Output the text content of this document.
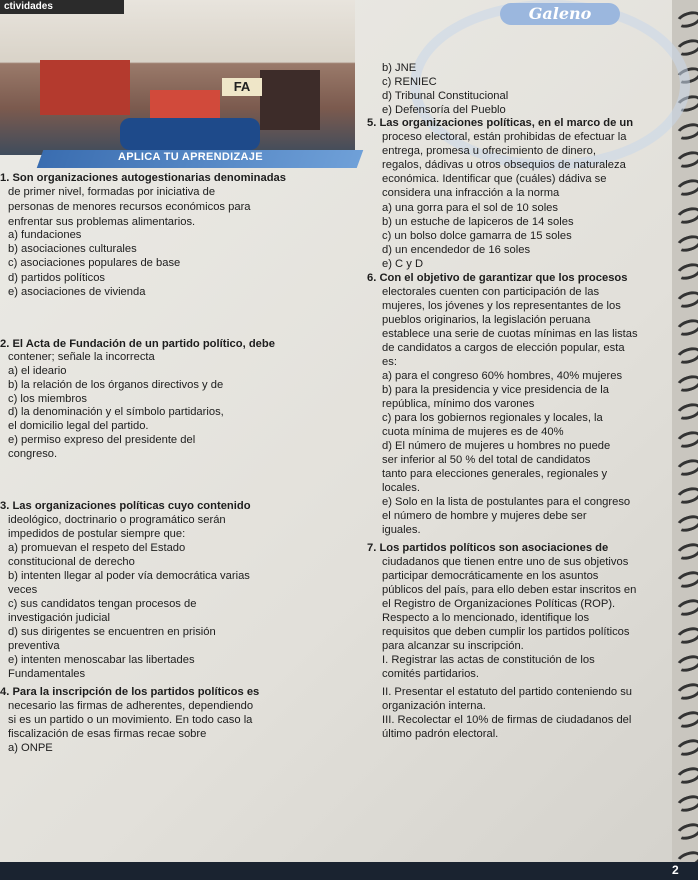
Galeno
FA
ctividades
APLICA TU APRENDIZAJE
1. Son organizaciones autogestionarias denominadas
de primer nivel, formadas por iniciativa de
personas de menores recursos económicos para
enfrentar sus problemas alimentarios.
a) fundaciones
b) asociaciones culturales
c) asociaciones populares de base
d) partidos políticos
e) asociaciones de vivienda
2. El Acta de Fundación de un partido político, debe
contener; señale la incorrecta
a) el ideario
b) la relación de los órganos directivos y de
c) los miembros
d) la denominación y el símbolo partidarios,
el domicilio legal del partido.
e) permiso expreso del presidente del
congreso.
3. Las organizaciones políticas cuyo contenido
ideológico, doctrinario o programático serán
impedidos de postular siempre que:
a) promuevan el respeto del Estado
constitucional de derecho
b) intenten llegar al poder vía democrática varias
veces
c) sus candidatos tengan procesos de
investigación judicial
d) sus dirigentes se encuentren en prisión
preventiva
e) intenten menoscabar las libertades
Fundamentales
4. Para la inscripción de los partidos políticos es
necesario las firmas de adherentes, dependiendo
si es un partido o un movimiento. En todo caso la
fiscalización de esas firmas recae sobre
a) ONPE
b) JNE
c) RENIEC
d) Tribunal Constitucional
e) Defensoría del Pueblo
5. Las organizaciones políticas, en el marco de un
proceso electoral, están prohibidas de efectuar la
entrega, promesa u ofrecimiento de dinero,
regalos, dádivas u otros obsequios de naturaleza
económica. Identificar que (cuáles) dádiva se
considera una infracción a la norma
a) una gorra para el sol de 10 soles
b) un estuche de lapiceros de 14 soles
c) un bolso dolce gamarra de 15 soles
d) un encendedor de 16 soles
e) C y D
6. Con el objetivo de garantizar que los procesos
electorales cuenten con participación de las
mujeres, los jóvenes y los representantes de los
pueblos originarios, la legislación peruana
establece una serie de cuotas mínimas en las listas
de candidatos a cargos de elección popular, esta
es:
a) para el congreso 60% hombres, 40% mujeres
b) para la presidencia y vice presidencia de la
república, mínimo dos varones
c) para los gobiernos regionales y locales, la
cuota mínima de mujeres es de 40%
d) El número de mujeres u hombres no puede
ser inferior al 50 % del total de candidatos
tanto para elecciones generales, regionales y
locales.
e) Solo en la lista de postulantes para el congreso
el número de hombre y mujeres debe ser
iguales.
7. Los partidos políticos son asociaciones de
ciudadanos que tienen entre uno de sus objetivos
participar democráticamente en los asuntos
públicos del país, para ello deben estar inscritos en
el Registro de Organizaciones Políticas (ROP).
Respecto a lo mencionado, identifique los
requisitos que deben cumplir los partidos políticos
para alcanzar su inscripción.
I. Registrar las actas de constitución de los
comités partidarios.
II. Presentar el estatuto del partido conteniendo su
organización interna.
III. Recolectar el 10% de firmas de ciudadanos del
último padrón electoral.
2
